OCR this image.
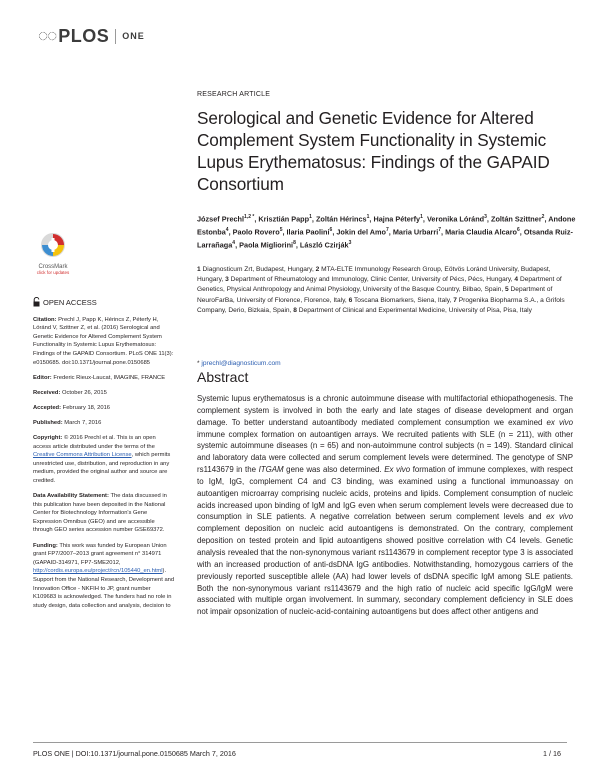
◌◌ PLOS ONE
CrossMark
click for updates
RESEARCH ARTICLE
Serological and Genetic Evidence for Altered Complement System Functionality in Systemic Lupus Erythematosus: Findings of the GAPAID Consortium
József Prechl$^{1,2 *}$, Krisztián Papp$^1$, Zoltán Hérincs$^1$, Hajna Péterfy$^1$, Veronika Lóránd$^3$, Zoltán Szittner$^2$, Andone Estonba$^4$, Paolo Rovero$^5$, Ilaria Paolini$^6$, Jokin del Amo$^7$, Maria Urbarri$^7$, Maria Claudia Alcaro$^6$, Otsanda Ruiz-Larrañaga$^4$, Paola Migliorini$^8$, László Czirják$^3$
1 Diagnosticum Zrt, Budapest, Hungary, 2 MTA-ELTE Immunology Research Group, Eötvös Loránd University, Budapest, Hungary, 3 Department of Rheumatology and Immunology, Clinic Center, University of Pécs, Pécs, Hungary, 4 Department of Genetics, Physical Anthropology and Animal Physiology, University of the Basque Country, Bilbao, Spain, 5 Department of NeuroFarBa, University of Florence, Florence, Italy, 6 Toscana Biomarkers, Siena, Italy, 7 Progenika Biopharma S.A., a Grifols Company, Derio, Bizkaia, Spain, 8 Department of Clinical and Experimental Medicine, University of Pisa, Pisa, Italy
* jprechl@diagnosticum.com
Abstract

Systemic lupus erythematosus is a chronic autoimmune disease with multifactorial ethiopathogenesis. The complement system is involved in both the early and late stages of disease development and organ damage. To better understand autoantibody mediated complement consumption we examined ex vivo immune complex formation on autoantigen arrays. We recruited patients with SLE (n = 211), with other systemic autoimmune diseases (n = 65) and non-autoimmune control subjects (n = 149). Standard clinical and laboratory data were collected and serum complement levels were determined. The genotype of SNP rs1143679 in the ITGAM gene was also determined. Ex vivo formation of immune complexes, with respect to IgM, IgG, complement C4 and C3 binding, was examined using a functional immunoassay on autoantigen microarray comprising nucleic acids, proteins and lipids. Complement consumption of nucleic acids increased upon binding of IgM and IgG even when serum complement levels were decreased due to consumption in SLE patients. A negative correlation between serum complement levels and ex vivo complement deposition on nucleic acid autoantigens is demonstrated. On the contrary, complement deposition on tested protein and lipid autoantigens showed positive correlation with C4 levels. Genetic analysis revealed that the non-synonymous variant rs1143679 in complement receptor type 3 is associated with an increased production of anti-dsDNA IgG antibodies. Notwithstanding, homozygous carriers of the previously reported susceptible allele (AA) had lower levels of dsDNA specific IgM among SLE patients. Both the non-synonymous variant rs1143679 and the high ratio of nucleic acid specific IgG/IgM were associated with multiple organ involvement. In summary, secondary complement deficiency in SLE does not impair opsonization of nucleic-acid-containing autoantigens but does affect other antigens and

OPEN ACCESS

Citation: Prechl J, Papp K, Hérincs Z, Péterfy H, Lóránd V, Szittner Z, et al. (2016) Serological and Genetic Evidence for Altered Complement System Functionality in Systemic Lupus Erythematosus: Findings of the GAPAID Consortium. PLoS ONE 11(3): e0150685. doi:10.1371/journal.pone.0150685

Editor: Frederic Rieux-Laucat, IMAGINE, FRANCE

Received: October 26, 2015

Accepted: February 18, 2016

Published: March 7, 2016

Copyright: © 2016 Prechl et al. This is an open access article distributed under the terms of the Creative Commons Attribution License, which permits unrestricted use, distribution, and reproduction in any medium, provided the original author and source are credited.

Data Availability Statement: The data discussed in this publication have been deposited in the National Center for Biotechnology Information's Gene Expression Omnibus (GEO) and are accessible through GEO series accession number GSE69372.

Funding: This work was funded by European Union grant FP7/2007–2013 grant agreement n° 314971 (GAPAID-314971, FP7-SME2012, http://cordis.europa.eu/project/rcn/105440_en.html). Support from the National Research, Development and Innovation Office - NKFIH to JP, grant number K109683 is acknowledged. The funders had no role in study design, data collection and analysis, decision to

PLOS ONE | DOI:10.1371/journal.pone.0150685 March 7, 2016	1 / 16
